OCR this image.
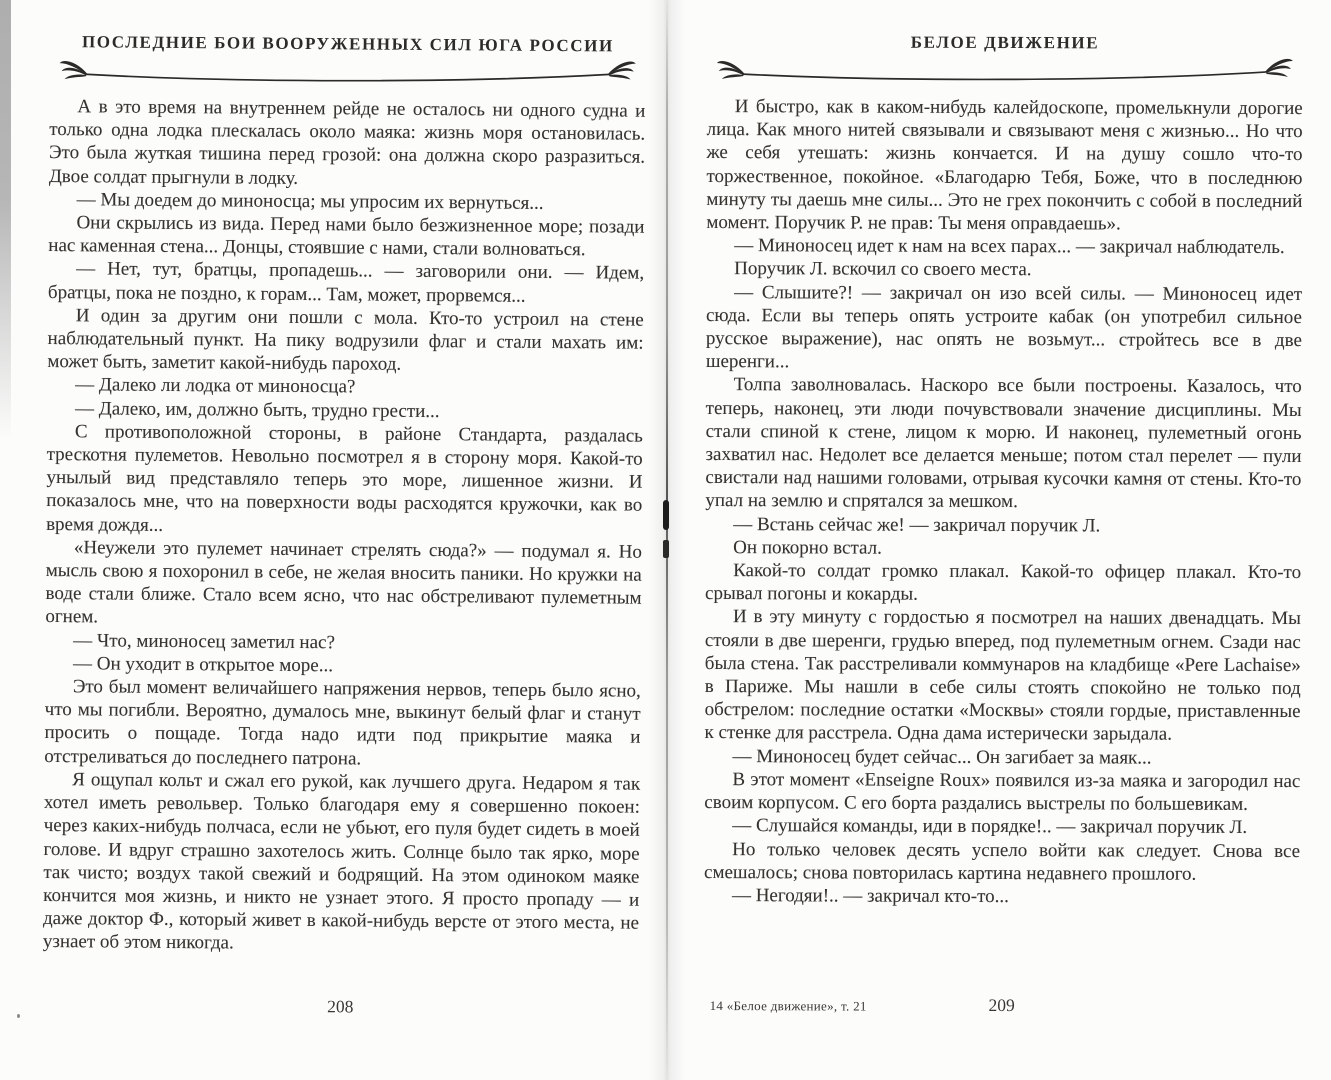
ПОСЛЕДНИЕ БОИ ВООРУЖЕННЫХ СИЛ ЮГА РОССИИ

А в это время на внутреннем рейде не осталось ни одного судна и только одна лодка плескалась около маяка: жизнь моря остановилась. Это была жуткая тишина перед грозой: она должна скоро разразиться. Двое солдат прыгнули в лодку.

— Мы доедем до миноносца; мы упросим их вернуться...

Они скрылись из вида. Перед нами было безжизненное море; позади нас каменная стена... Донцы, стоявшие с нами, стали волноваться.

— Нет, тут, братцы, пропадешь... — заговорили они. — Идем, братцы, пока не поздно, к горам... Там, может, прорвемся...

И один за другим они пошли с мола. Кто-то устроил на стене наблюдательный пункт. На пику водрузили флаг и стали махать им: может быть, заметит какой-нибудь пароход.

— Далеко ли лодка от миноносца?

— Далеко, им, должно быть, трудно грести...

С противоположной стороны, в районе Стандарта, раздалась трескотня пулеметов. Невольно посмотрел я в сторону моря. Какой-то унылый вид представляло теперь это море, лишенное жизни. И показалось мне, что на поверхности воды расходятся кружочки, как во время дождя...

«Неужели это пулемет начинает стрелять сюда?» — подумал я. Но мысль свою я похоронил в себе, не желая вносить паники. Но кружки на воде стали ближе. Стало всем ясно, что нас обстреливают пулеметным огнем.

— Что, миноносец заметил нас?

— Он уходит в открытое море...

Это был момент величайшего напряжения нервов, теперь было ясно, что мы погибли. Вероятно, думалось мне, выкинут белый флаг и станут просить о пощаде. Тогда надо идти под прикрытие маяка и отстреливаться до последнего патрона.

Я ощупал кольт и сжал его рукой, как лучшего друга. Недаром я так хотел иметь револьвер. Только благодаря ему я совершенно покоен: через каких-нибудь полчаса, если не убьют, его пуля будет сидеть в моей голове. И вдруг страшно захотелось жить. Солнце было так ярко, море так чисто; воздух такой свежий и бодрящий. На этом одиноком маяке кончится моя жизнь, и никто не узнает этого. Я просто пропаду — и даже доктор Ф., который живет в какой-нибудь версте от этого места, не узнает об этом никогда.

208
БЕЛОЕ ДВИЖЕНИЕ

И быстро, как в каком-нибудь калейдоскопе, промелькнули дорогие лица. Как много нитей связывали и связывают меня с жизнью... Но что же себя утешать: жизнь кончается. И на душу сошло что-то торжественное, покойное. «Благодарю Тебя, Боже, что в последнюю минуту ты даешь мне силы... Это не грех покончить с собой в последний момент. Поручик Р. не прав: Ты меня оправдаешь».

— Миноносец идет к нам на всех парах... — закричал наблюдатель.

Поручик Л. вскочил со своего места.

— Слышите?! — закричал он изо всей силы. — Миноносец идет сюда. Если вы теперь опять устроите кабак (он употребил сильное русское выражение), нас опять не возьмут... стройтесь все в две шеренги...

Толпа заволновалась. Наскоро все были построены. Казалось, что теперь, наконец, эти люди почувствовали значение дисциплины. Мы стали спиной к стене, лицом к морю. И наконец, пулеметный огонь захватил нас. Недолет все делается меньше; потом стал перелет — пули свистали над нашими головами, отрывая кусочки камня от стены. Кто-то упал на землю и спрятался за мешком.

— Встань сейчас же! — закричал поручик Л.

Он покорно встал.

Какой-то солдат громко плакал. Какой-то офицер плакал. Кто-то срывал погоны и кокарды.

И в эту минуту с гордостью я посмотрел на наших двенадцать. Мы стояли в две шеренги, грудью вперед, под пулеметным огнем. Сзади нас была стена. Так расстреливали коммунаров на кладбище «Pere Lachaise» в Париже. Мы нашли в себе силы стоять спокойно не только под обстрелом: последние остатки «Москвы» стояли гордые, приставленные к стенке для расстрела. Одна дама истерически зарыдала.

— Миноносец будет сейчас... Он загибает за маяк...

В этот момент «Enseigne Roux» появился из-за маяка и загородил нас своим корпусом. С его борта раздались выстрелы по большевикам.

— Слушайся команды, иди в порядке!.. — закричал поручик Л.

Но только человек десять успело войти как следует. Снова все смешалось; снова повторилась картина недавнего прошлого.

— Негодяи!.. — закричал кто-то...

14 «Белое движение», т. 21	209
